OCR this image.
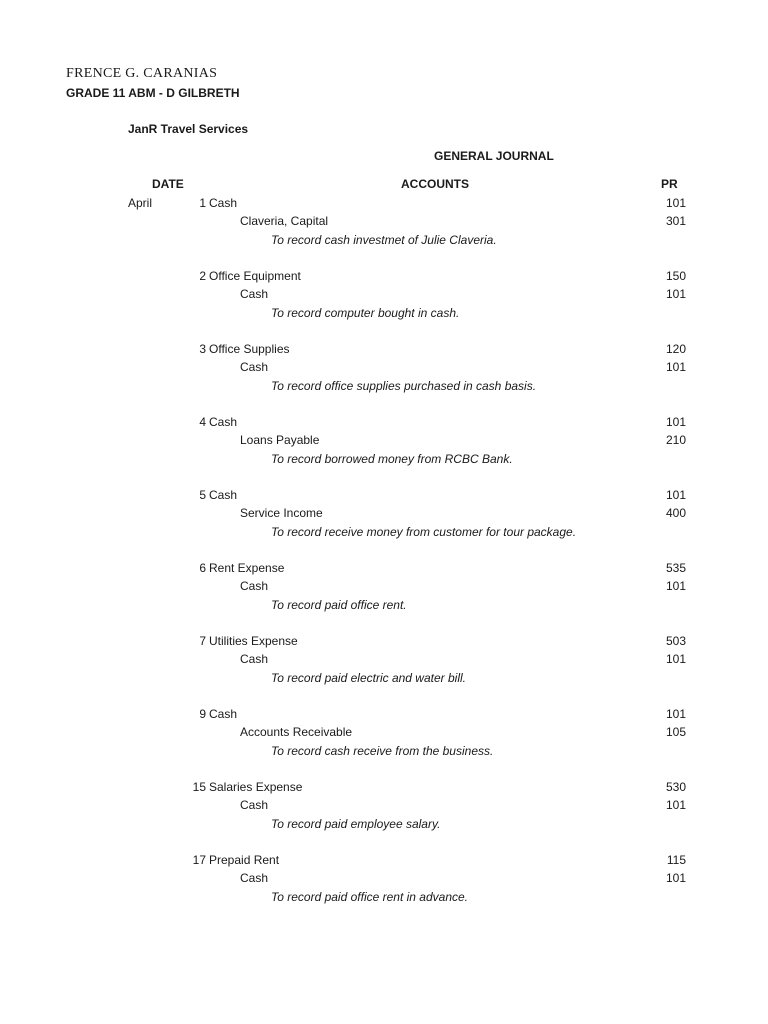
FRENCE G. CARANIAS
GRADE 11 ABM - D GILBRETH
JanR Travel Services
GENERAL JOURNAL
DATE	ACCOUNTS	PR
April	1 Cash	101
Claveria, Capital	301
To record cash investmet of Julie Claveria.
2 Office Equipment	150
Cash	101
To record computer bought in cash.
3 Office Supplies	120
Cash	101
To record office supplies purchased in cash basis.
4 Cash	101
Loans Payable	210
To record borrowed money from RCBC Bank.
5 Cash	101
Service Income	400
To record receive money from customer for tour package.
6 Rent Expense	535
Cash	101
To record paid office rent.
7 Utilities Expense	503
Cash	101
To record paid electric and water bill.
9 Cash	101
Accounts Receivable	105
To record cash receive from the business.
15 Salaries Expense	530
Cash	101
To record paid employee salary.
17 Prepaid Rent	115
Cash	101
To record paid office rent in advance.
